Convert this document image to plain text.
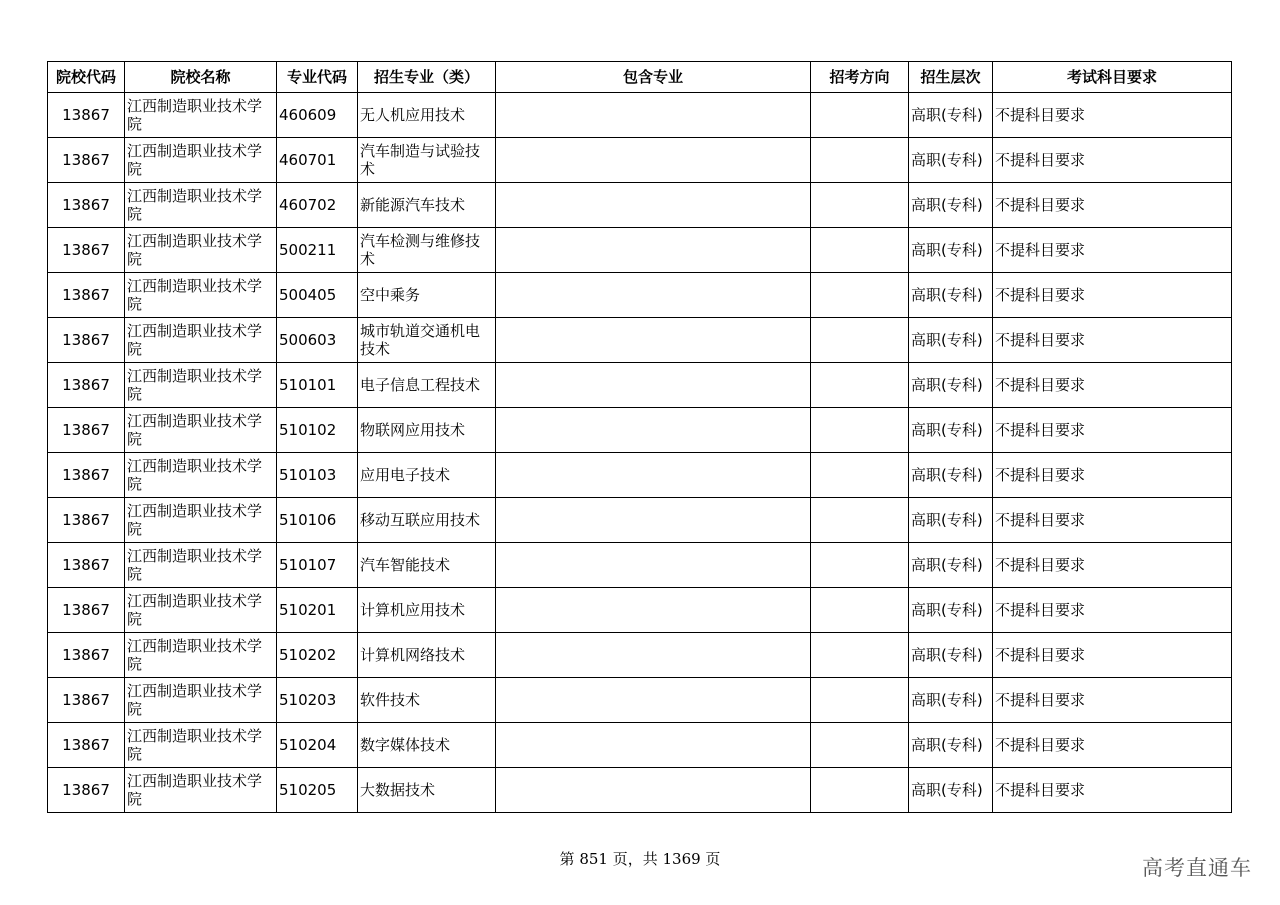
院校代码	院校名称	专业代码	招生专业（类）	包含专业	招考方向	招生层次	考试科目要求
13867	江西制造职业技术学院	460609	无人机应用技术			高职(专科)	不提科目要求
13867	江西制造职业技术学院	460701	汽车制造与试验技术			高职(专科)	不提科目要求
13867	江西制造职业技术学院	460702	新能源汽车技术			高职(专科)	不提科目要求
13867	江西制造职业技术学院	500211	汽车检测与维修技术			高职(专科)	不提科目要求
13867	江西制造职业技术学院	500405	空中乘务			高职(专科)	不提科目要求
13867	江西制造职业技术学院	500603	城市轨道交通机电技术			高职(专科)	不提科目要求
13867	江西制造职业技术学院	510101	电子信息工程技术			高职(专科)	不提科目要求
13867	江西制造职业技术学院	510102	物联网应用技术			高职(专科)	不提科目要求
13867	江西制造职业技术学院	510103	应用电子技术			高职(专科)	不提科目要求
13867	江西制造职业技术学院	510106	移动互联应用技术			高职(专科)	不提科目要求
13867	江西制造职业技术学院	510107	汽车智能技术			高职(专科)	不提科目要求
13867	江西制造职业技术学院	510201	计算机应用技术			高职(专科)	不提科目要求
13867	江西制造职业技术学院	510202	计算机网络技术			高职(专科)	不提科目要求
13867	江西制造职业技术学院	510203	软件技术			高职(专科)	不提科目要求
13867	江西制造职业技术学院	510204	数字媒体技术			高职(专科)	不提科目要求
13867	江西制造职业技术学院	510205	大数据技术			高职(专科)	不提科目要求
第 851 页，共 1369 页	高考直通车
